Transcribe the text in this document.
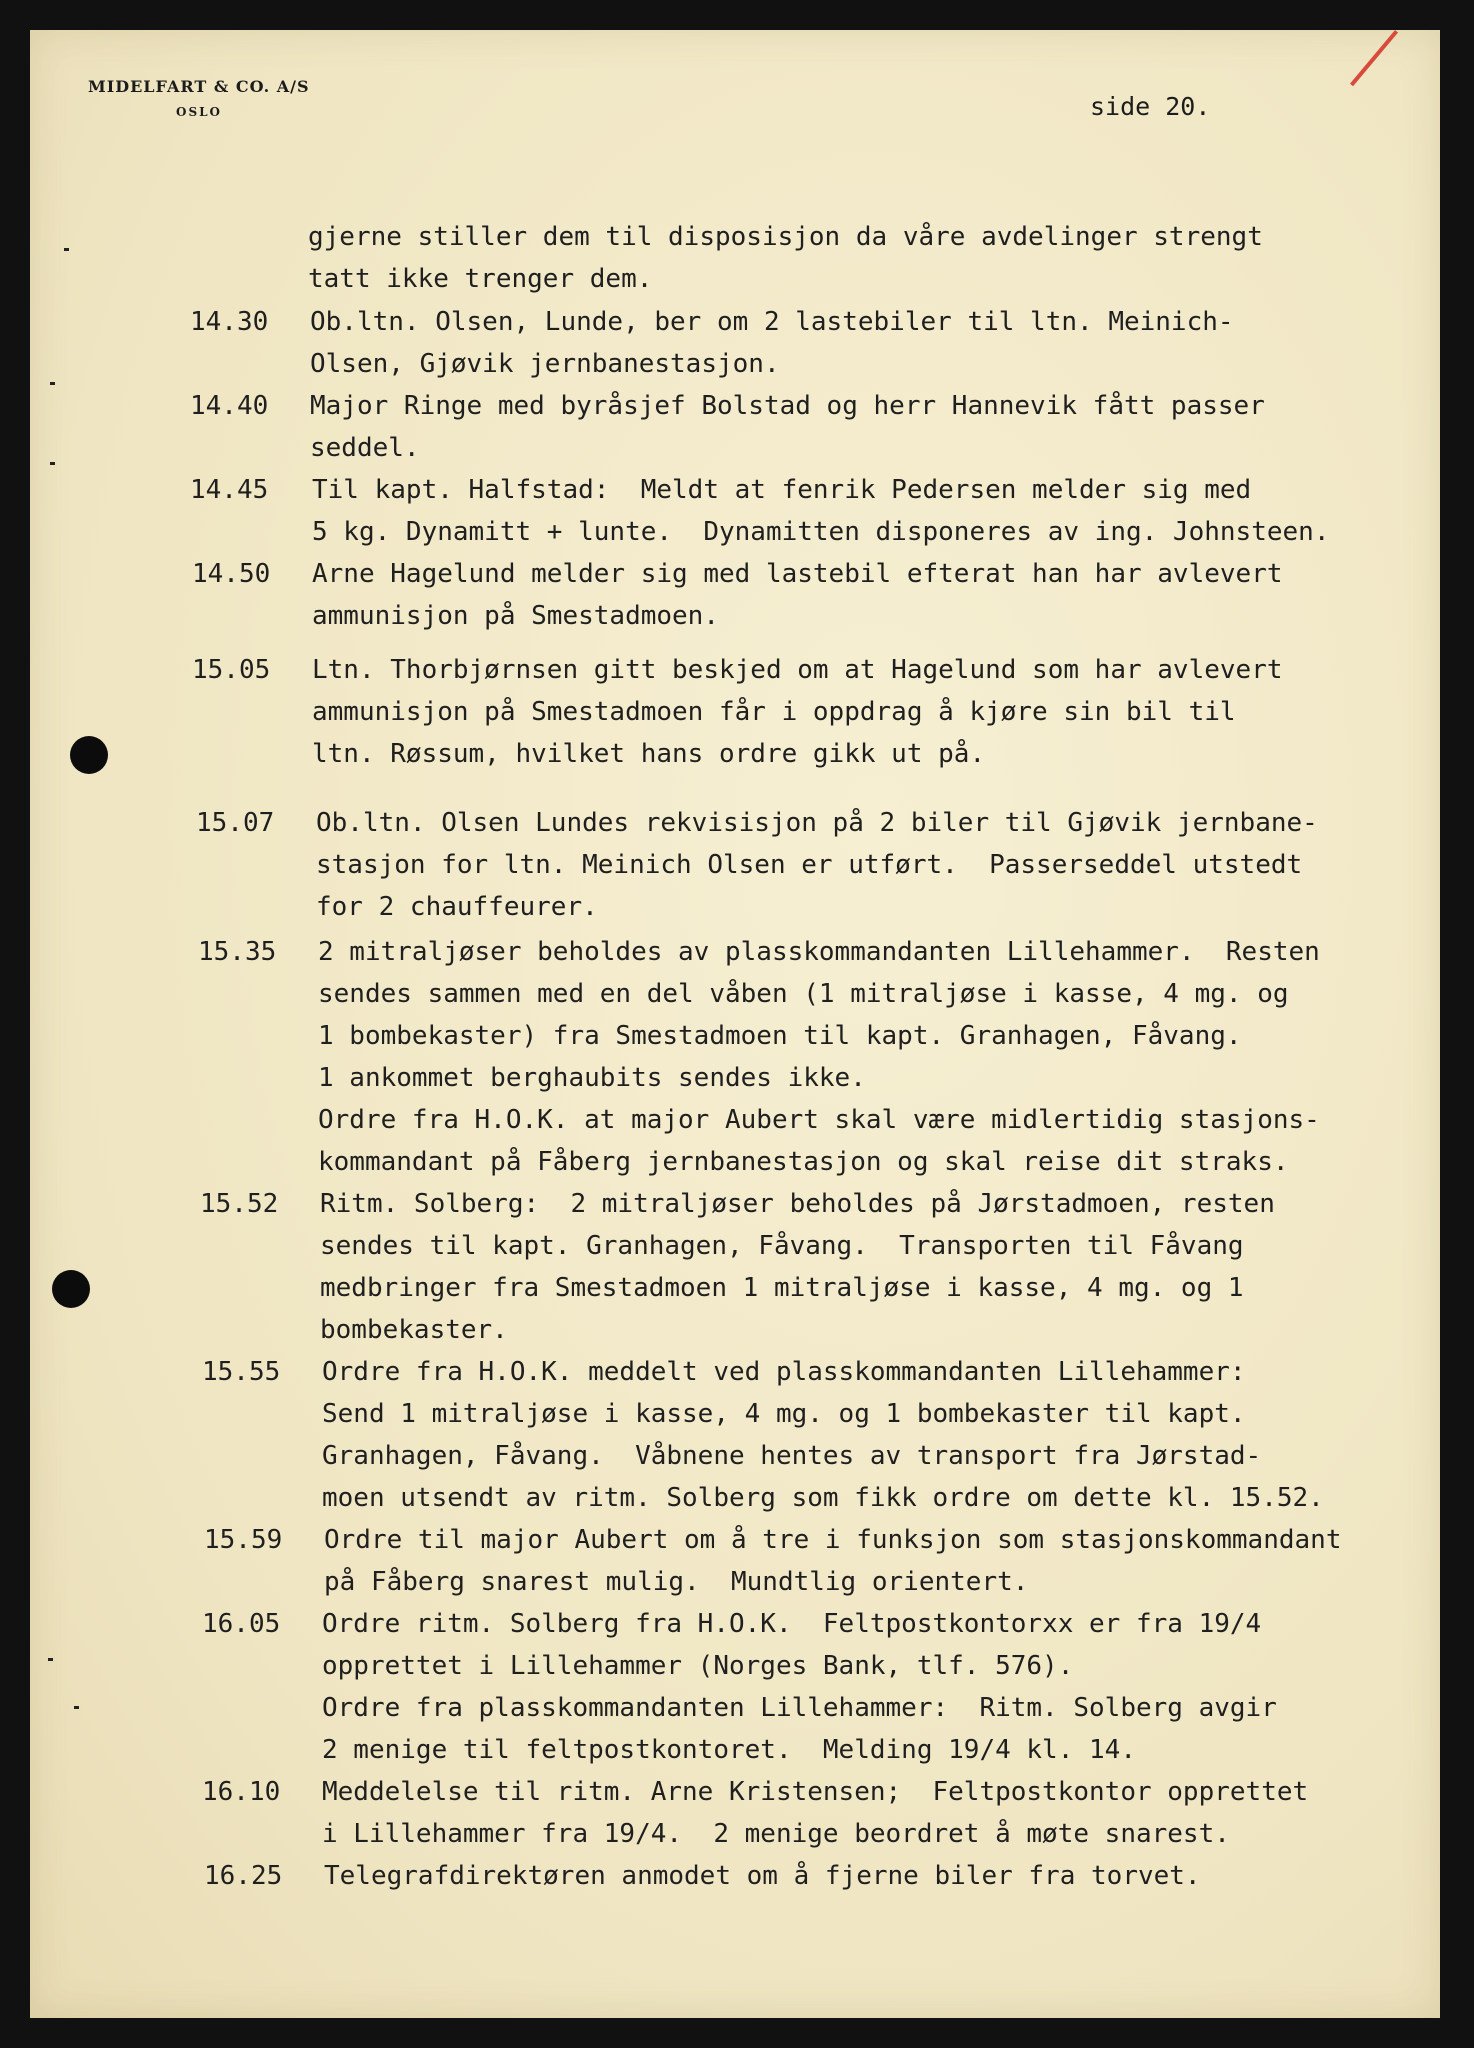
MIDELFART & CO. A/S
OSLO	side 20.
gjerne stiller dem til disposisjon da våre avdelinger strengt
tatt ikke trenger dem.
14.30 Ob.ltn. Olsen, Lunde, ber om 2 lastebiler til ltn. Meinich-
Olsen, Gjøvik jernbanestasjon.
14.40 Major Ringe med byråsjef Bolstad og herr Hannevik fått passer
seddel.
14.45 Til kapt. Halfstad:  Meldt at fenrik Pedersen melder sig med
5 kg. Dynamitt + lunte.  Dynamitten disponeres av ing. Johnsteen.
14.50 Arne Hagelund melder sig med lastebil efterat han har avlevert
ammunisjon på Smestadmoen.
15.05 Ltn. Thorbjørnsen gitt beskjed om at Hagelund som har avlevert
ammunisjon på Smestadmoen får i oppdrag å kjøre sin bil til
ltn. Røssum, hvilket hans ordre gikk ut på.
15.07 Ob.ltn. Olsen Lundes rekvisisjon på 2 biler til Gjøvik jernbane-
stasjon for ltn. Meinich Olsen er utført.  Passerseddel utstedt
for 2 chauffeurer.
15.35 2 mitraljøser beholdes av plasskommandanten Lillehammer.  Resten
sendes sammen med en del våben (1 mitraljøse i kasse, 4 mg. og
1 bombekaster) fra Smestadmoen til kapt. Granhagen, Fåvang.
1 ankommet berghaubits sendes ikke.
Ordre fra H.O.K. at major Aubert skal være midlertidig stasjons-
kommandant på Fåberg jernbanestasjon og skal reise dit straks.
15.52 Ritm. Solberg:  2 mitraljøser beholdes på Jørstadmoen, resten
sendes til kapt. Granhagen, Fåvang.  Transporten til Fåvang
medbringer fra Smestadmoen 1 mitraljøse i kasse, 4 mg. og 1
bombekaster.
15.55 Ordre fra H.O.K. meddelt ved plasskommandanten Lillehammer:
Send 1 mitraljøse i kasse, 4 mg. og 1 bombekaster til kapt.
Granhagen, Fåvang.  Våbnene hentes av transport fra Jørstad-
moen utsendt av ritm. Solberg som fikk ordre om dette kl. 15.52.
15.59 Ordre til major Aubert om å tre i funksjon som stasjonskommandant
på Fåberg snarest mulig.  Mundtlig orientert.
16.05 Ordre ritm. Solberg fra H.O.K.  Feltpostkontorxx er fra 19/4
opprettet i Lillehammer (Norges Bank, tlf. 576).
Ordre fra plasskommandanten Lillehammer:  Ritm. Solberg avgir
2 menige til feltpostkontoret.  Melding 19/4 kl. 14.
16.10 Meddelelse til ritm. Arne Kristensen;  Feltpostkontor opprettet
i Lillehammer fra 19/4.  2 menige beordret å møte snarest.
16.25 Telegrafdirektøren anmodet om å fjerne biler fra torvet.
